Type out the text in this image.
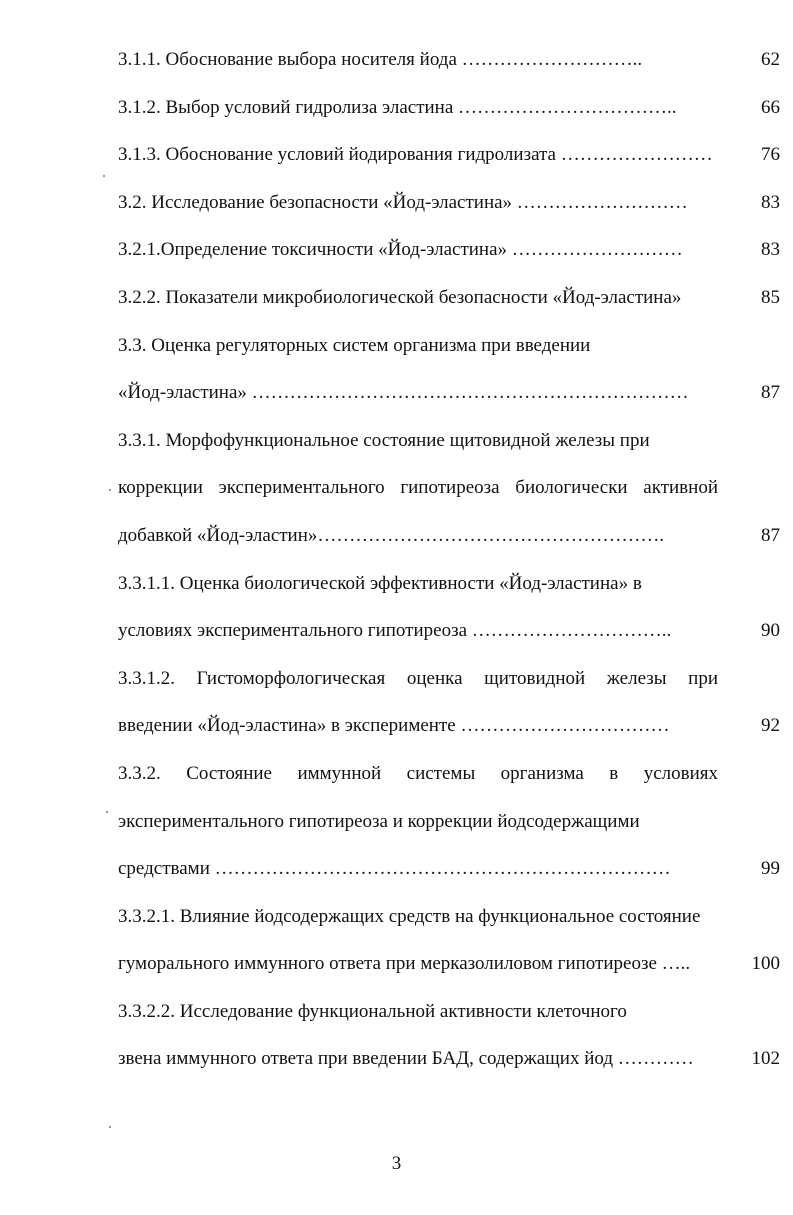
3.1.1. Обоснование выбора носителя йода ………………………..	62
3.1.2. Выбор условий гидролиза эластина ……………………………..	66
3.1.3. Обоснование условий йодирования гидролизата ……………………	76
3.2. Исследование безопасности «Йод-эластина» ………………………	83
3.2.1.Определение токсичности «Йод-эластина» ………………………	83
3.2.2. Показатели микробиологической безопасности «Йод-эластина»	85
3.3. Оценка регуляторных систем организма при введении
«Йод-эластина» ……………………………………………………………	87
3.3.1. Морфофункциональное состояние щитовидной железы при
коррекции экспериментального гипотиреоза биологически активной
добавкой «Йод-эластин»……………………………………………….	87
3.3.1.1. Оценка биологической эффективности «Йод-эластина» в
условиях экспериментального гипотиреоза …………………………..	90
3.3.1.2. Гистоморфологическая оценка щитовидной железы при
введении «Йод-эластина» в эксперименте ……………………………	92
3.3.2. Состояние иммунной системы организма в условиях
экспериментального гипотиреоза и коррекции йодсодержащими
средствами ………………………………………………………………	99
3.3.2.1. Влияние йодсодержащих средств на функциональное состояние
гуморального иммунного ответа при мерказолиловом гипотиреозе …..	100
3.3.2.2. Исследование функциональной активности клеточного
звена иммунного ответа при введении БАД, содержащих йод …………	102
3
